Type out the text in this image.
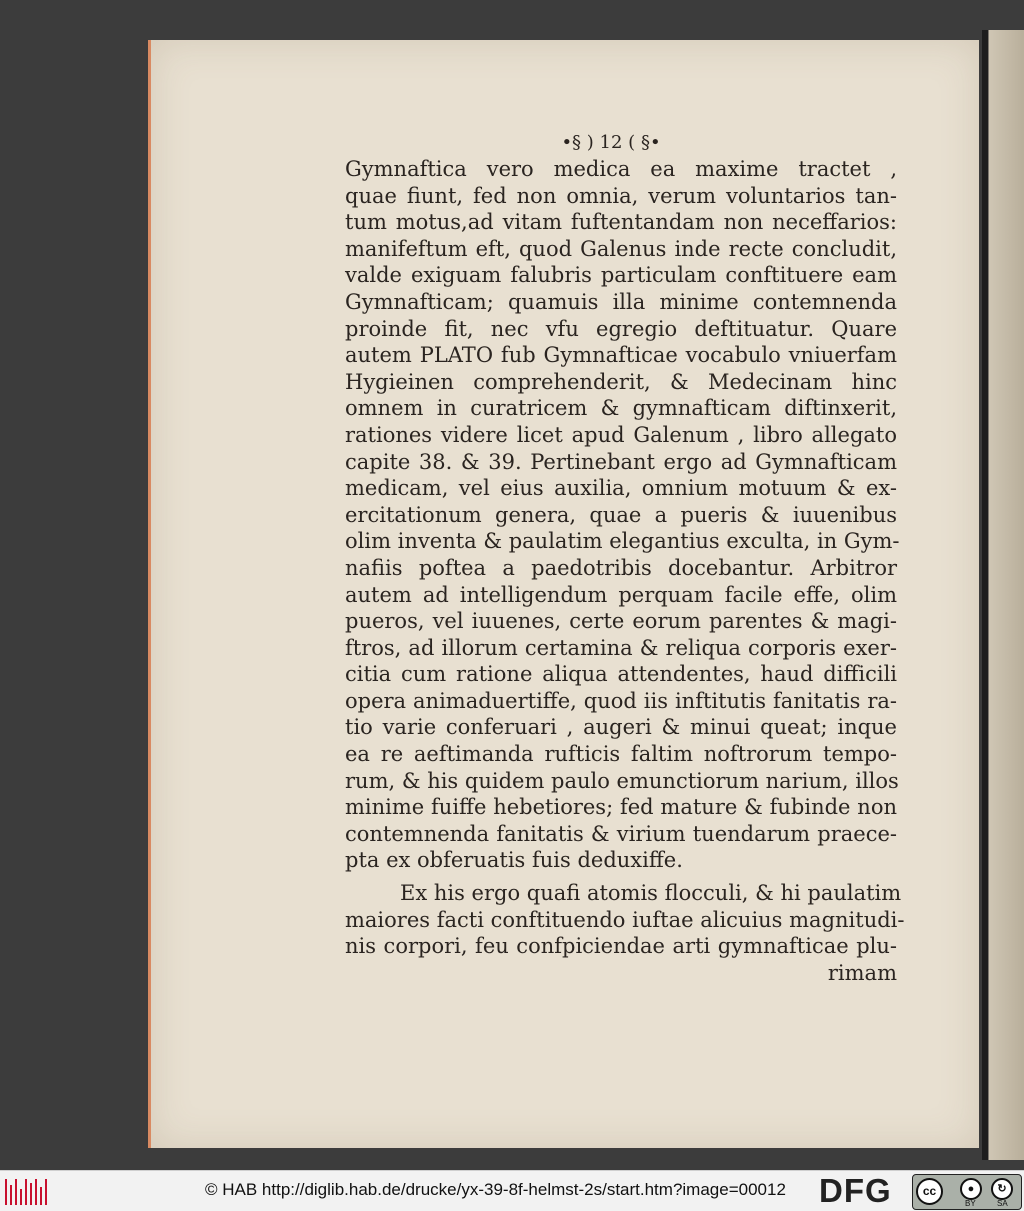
•§ ) 12 ( §•
Gymnaftica vero medica ea maxime tractet ,
quae fiunt, fed non omnia, verum voluntarios tan-
tum motus,ad vitam fuftentandam non neceffarios:
manifeftum eft, quod Galenus inde recte concludit,
valde exiguam falubris particulam conftituere eam
Gymnafticam; quamuis illa minime contemnenda
proinde fit, nec vfu egregio deftituatur. Quare
autem PLATO fub Gymnafticae vocabulo vniuerfam
Hygieinen comprehenderit, & Medecinam hinc
omnem in curatricem & gymnafticam diftinxerit,
rationes videre licet apud Galenum , libro allegato
capite 38. & 39. Pertinebant ergo ad Gymnafticam
medicam, vel eius auxilia, omnium motuum & ex-
ercitationum genera, quae a pueris & iuuenibus
olim inventa & paulatim elegantius exculta, in Gym-
nafiis poftea a paedotribis docebantur. Arbitror
autem ad intelligendum perquam facile effe, olim
pueros, vel iuuenes, certe eorum parentes & magi-
ftros, ad illorum certamina & reliqua corporis exer-
citia cum ratione aliqua attendentes, haud difficili
opera animaduertiffe, quod iis inftitutis fanitatis ra-
tio varie conferuari , augeri & minui queat; inque
ea re aeftimanda rufticis faltim noftrorum tempo-
rum, & his quidem paulo emunctiorum narium, illos
minime fuiffe hebetiores; fed mature & fubinde non
contemnenda fanitatis & virium tuendarum praece-
pta ex obferuatis fuis deduxiffe.
Ex his ergo quafi atomis flocculi, & hi paulatim
maiores facti conftituendo iuftae alicuius magnitudi-
nis corpori, feu confpiciendae arti gymnafticae plu-
rimam
© HAB http://diglib.hab.de/drucke/yx-39-8f-helmst-2s/start.htm?image=00012 DFG	cc	●	↻
BY	SA
